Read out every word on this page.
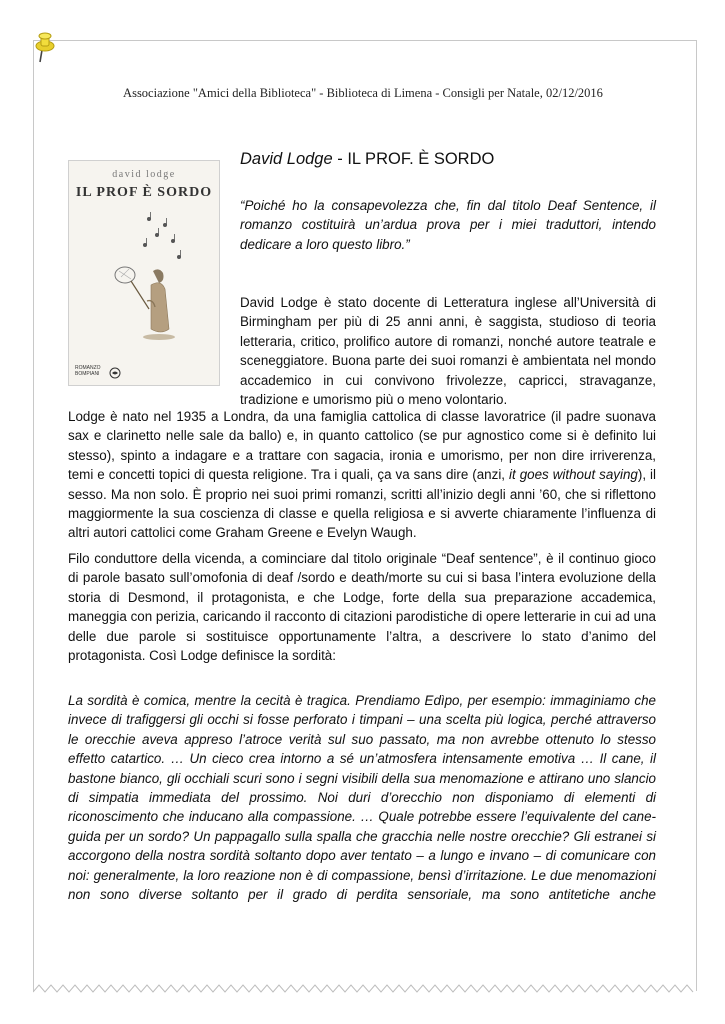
Associazione "Amici della Biblioteca" - Biblioteca di Limena - Consigli per Natale, 02/12/2016
david lodge
IL PROF È SORDO
ROMANZO BOMPIANI
David Lodge - IL PROF. È SORDO
“Poiché ho la consapevolezza che, fin dal titolo Deaf Sentence, il romanzo costituirà un’ardua prova per i miei traduttori, intendo dedicare a loro questo libro.”
David Lodge è stato docente di Letteratura inglese all’Università di Birmingham per più di 25 anni anni, è saggista, studioso di teoria letteraria, critico, prolifico autore di romanzi, nonché autore teatrale e sceneggiatore. Buona parte dei suoi romanzi è ambientata nel mondo accademico in cui convivono frivolezze, capricci, stravaganze, tradizione e umorismo più o meno volontario.
Lodge è nato nel 1935 a Londra, da una famiglia cattolica di classe lavoratrice (il padre suonava sax e clarinetto nelle sale da ballo) e, in quanto cattolico (se pur agnostico come si è definito lui stesso), spinto a indagare e a trattare con sagacia, ironia e umorismo, per non dire irriverenza, temi e concetti topici di questa religione. Tra i quali, ça va sans dire (anzi, it goes without saying), il sesso. Ma non solo. È proprio nei suoi primi romanzi, scritti all’inizio degli anni ’60, che si riflettono maggiormente la sua coscienza di classe e quella religiosa e si avverte chiaramente l’influenza di altri autori cattolici come Graham Greene e Evelyn Waugh.
Filo conduttore della vicenda, a cominciare dal titolo originale “Deaf sentence”, è il continuo gioco di parole basato sull’omofonia di deaf /sordo e death/morte su cui si basa l’intera evoluzione della storia di Desmond, il protagonista, e che Lodge, forte della sua preparazione accademica, maneggia con perizia, caricando il racconto di citazioni parodistiche di opere letterarie in cui ad una delle due parole si sostituisce opportunamente l’altra, a descrivere lo stato d’animo del protagonista. Così Lodge definisce la sordità:
La sordità è comica, mentre la cecità è tragica. Prendiamo Edìpo, per esempio: immaginiamo che invece di trafiggersi gli occhi si fosse perforato i timpani – una scelta più logica, perché attraverso le orecchie aveva appreso l’atroce verità sul suo passato, ma non avrebbe ottenuto lo stesso effetto catartico. … Un cieco crea intorno a sé un’atmosfera intensamente emotiva … Il cane, il bastone bianco, gli occhiali scuri sono i segni visibili della sua menomazione e attirano uno slancio di simpatia immediata del prossimo. Noi duri d’orecchio non disponiamo di elementi di riconoscimento che inducano alla compassione. … Quale potrebbe essere l’equivalente del cane-guida per un sordo? Un pappagallo sulla spalla che gracchia nelle nostre orecchie? Gli estranei si accorgono della nostra sordità soltanto dopo aver tentato – a lungo e invano – di comunicare con noi: generalmente, la loro reazione non è di compassione, bensì d’irritazione. Le due menomazioni non sono diverse soltanto per il grado di perdita sensoriale, ma sono antitetiche anche
